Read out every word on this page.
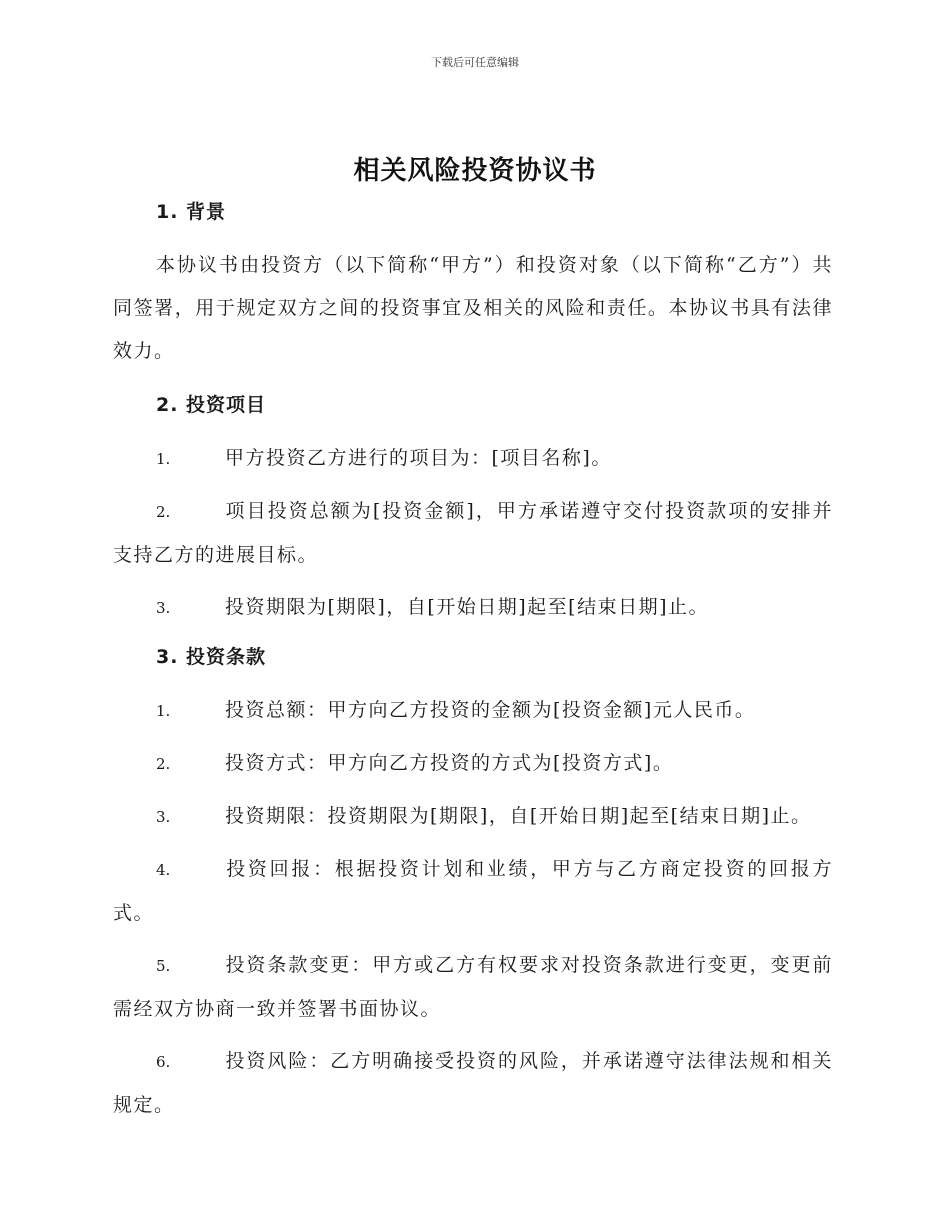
下载后可任意编辑
相关风险投资协议书
1. 背景

本协议书由投资方（以下简称“甲方”）和投资对象（以下简称“乙方”）共同签署，用于规定双方之间的投资事宜及相关的风险和责任。本协议书具有法律效力。

2. 投资项目

1.	甲方投资乙方进行的项目为：[项目名称]。

2.	项目投资总额为[投资金额]，甲方承诺遵守交付投资款项的安排并支持乙方的进展目标。

3.	投资期限为[期限]，自[开始日期]起至[结束日期]止。

3. 投资条款

1.	投资总额：甲方向乙方投资的金额为[投资金额]元人民币。

2.	投资方式：甲方向乙方投资的方式为[投资方式]。

3.	投资期限：投资期限为[期限]，自[开始日期]起至[结束日期]止。

4.	投资回报：根据投资计划和业绩，甲方与乙方商定投资的回报方式。

5.	投资条款变更：甲方或乙方有权要求对投资条款进行变更，变更前需经双方协商一致并签署书面协议。

6.	投资风险：乙方明确接受投资的风险，并承诺遵守法律法规和相关规定。
